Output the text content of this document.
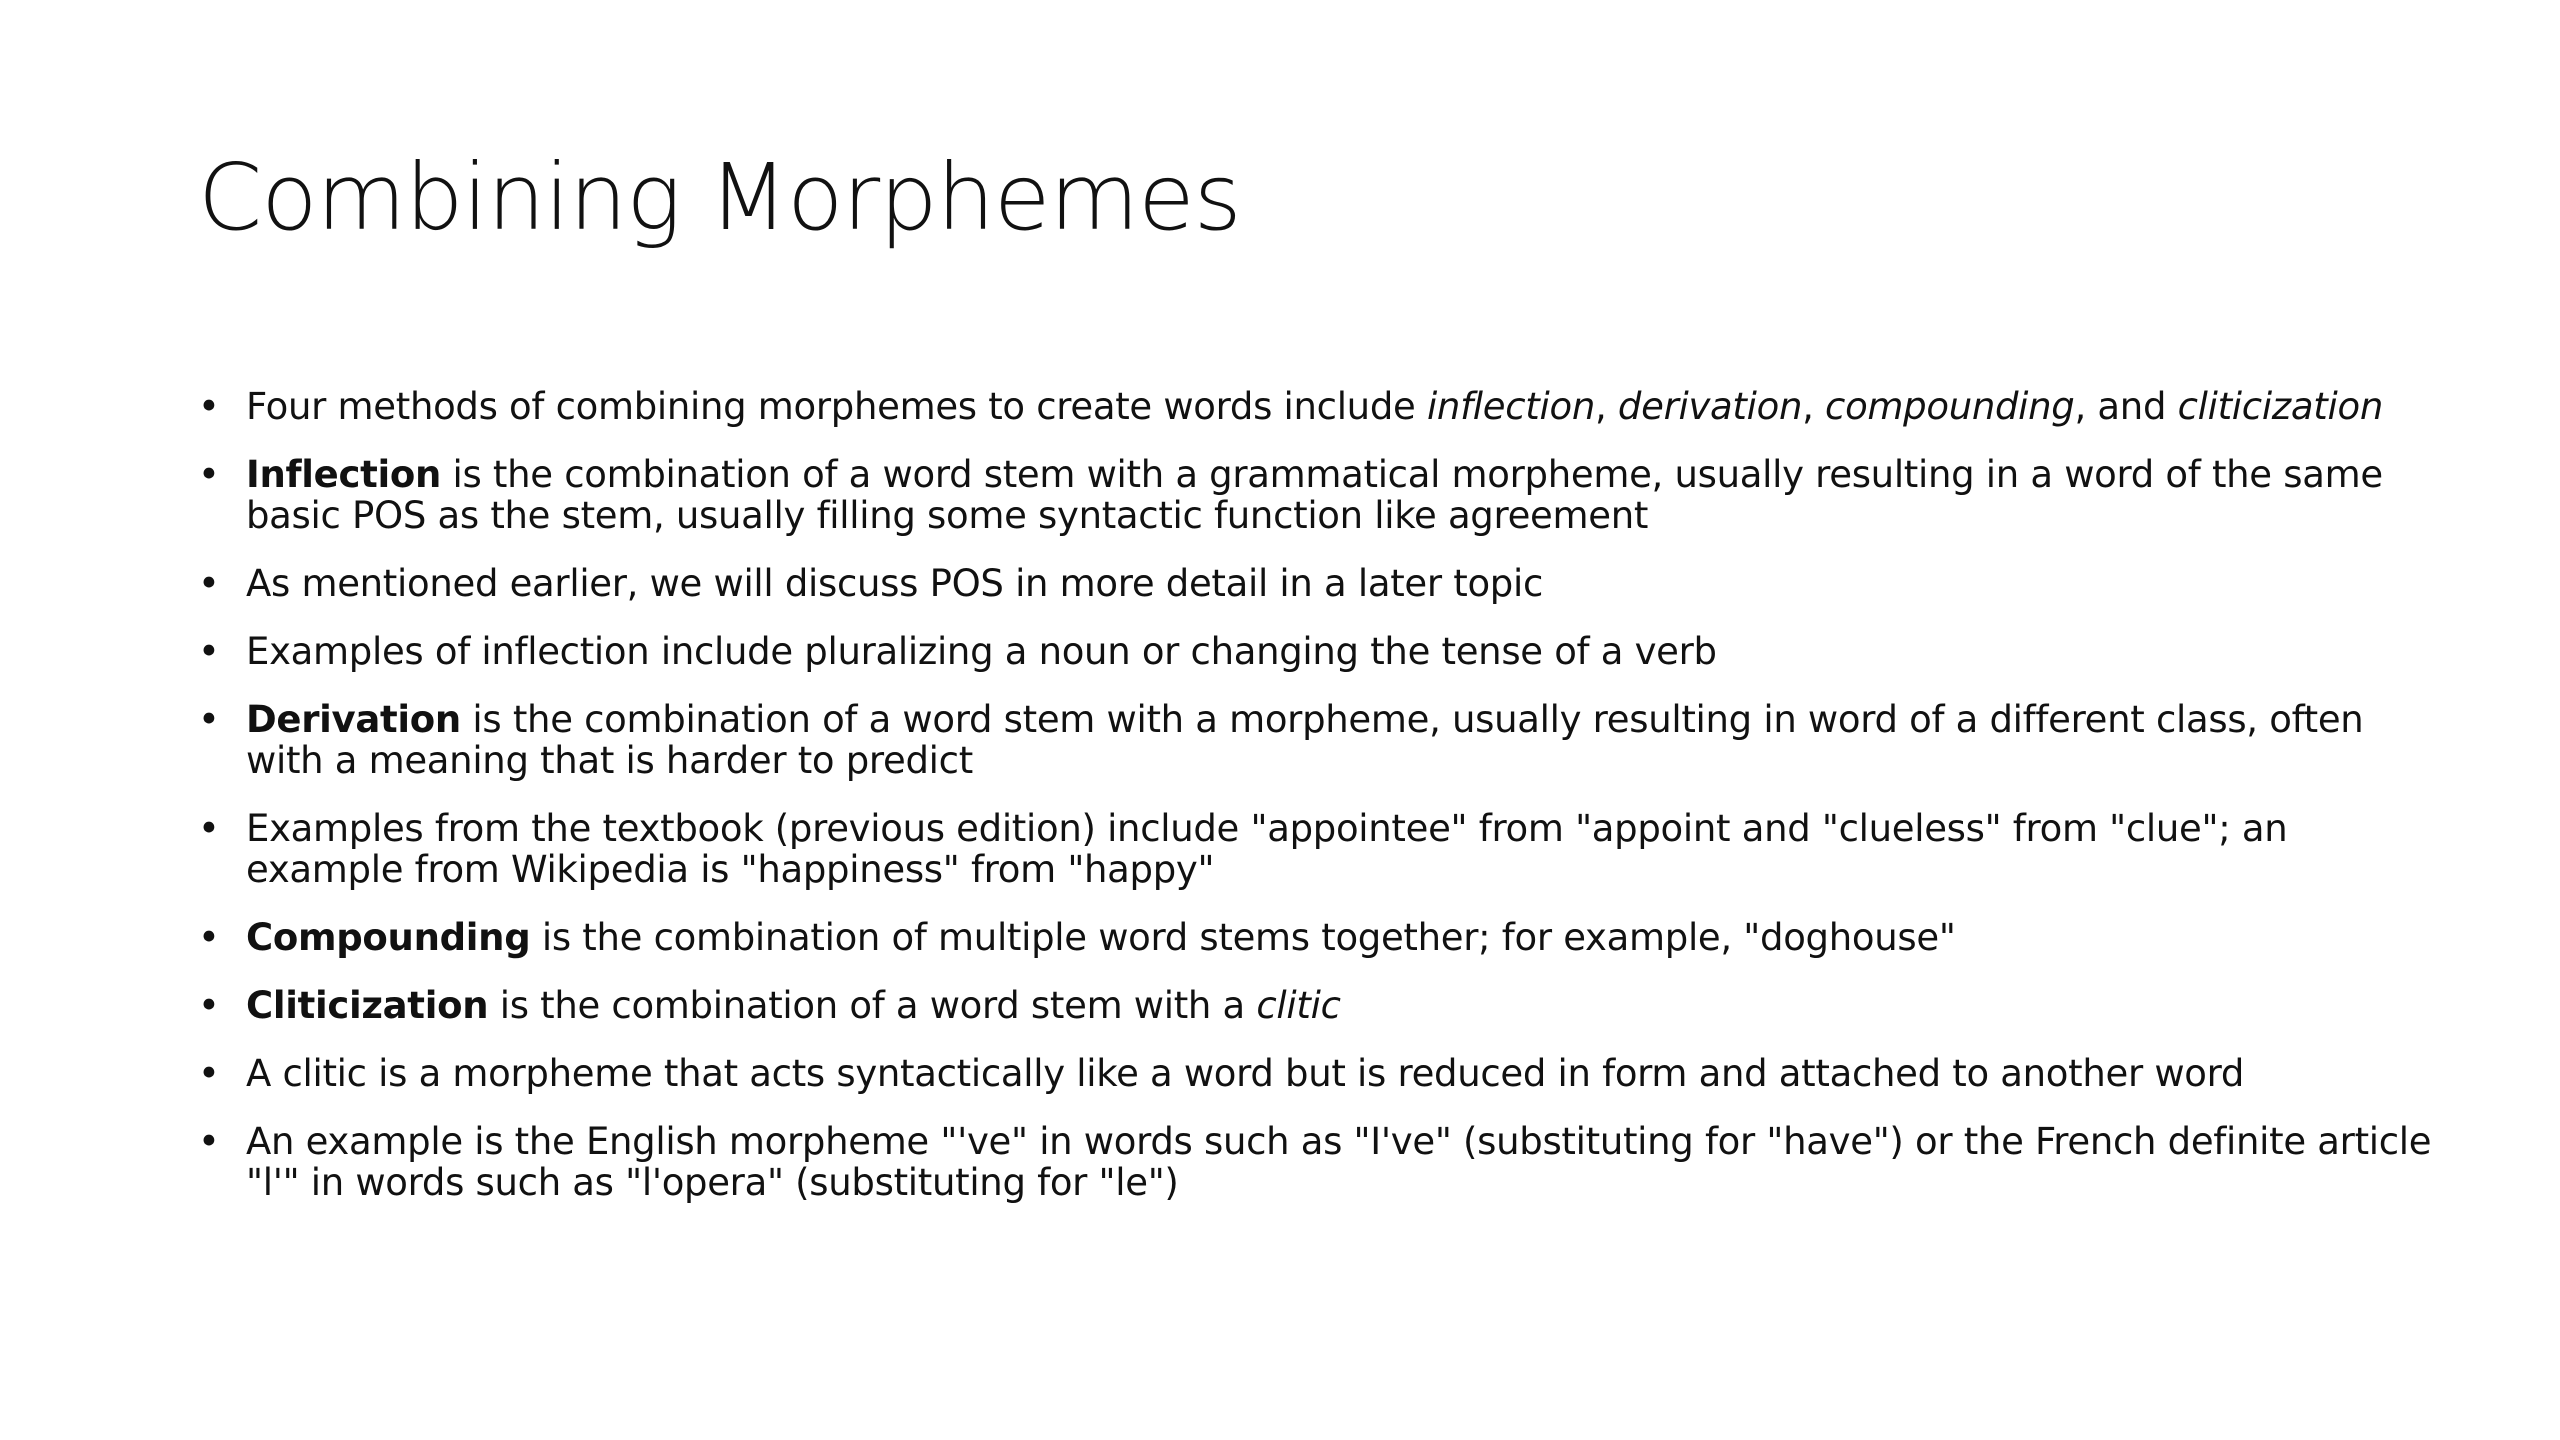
Combining Morphemes
• Four methods of combining morphemes to create words include inflection, derivation, compounding, and cliticization
• Inflection is the combination of a word stem with a grammatical morpheme, usually resulting in a word of the same basic POS as the stem, usually filling some syntactic function like agreement
• As mentioned earlier, we will discuss POS in more detail in a later topic
• Examples of inflection include pluralizing a noun or changing the tense of a verb
• Derivation is the combination of a word stem with a morpheme, usually resulting in word of a different class, often with a meaning that is harder to predict
• Examples from the textbook (previous edition) include "appointee" from "appoint and "clueless" from "clue"; an example from Wikipedia is "happiness" from "happy"
• Compounding is the combination of multiple word stems together; for example, "doghouse"
• Cliticization is the combination of a word stem with a clitic
• A clitic is a morpheme that acts syntactically like a word but is reduced in form and attached to another word
• An example is the English morpheme "'ve" in words such as "I've" (substituting for "have") or the French definite article "l'" in words such as "l'opera" (substituting for "le")
